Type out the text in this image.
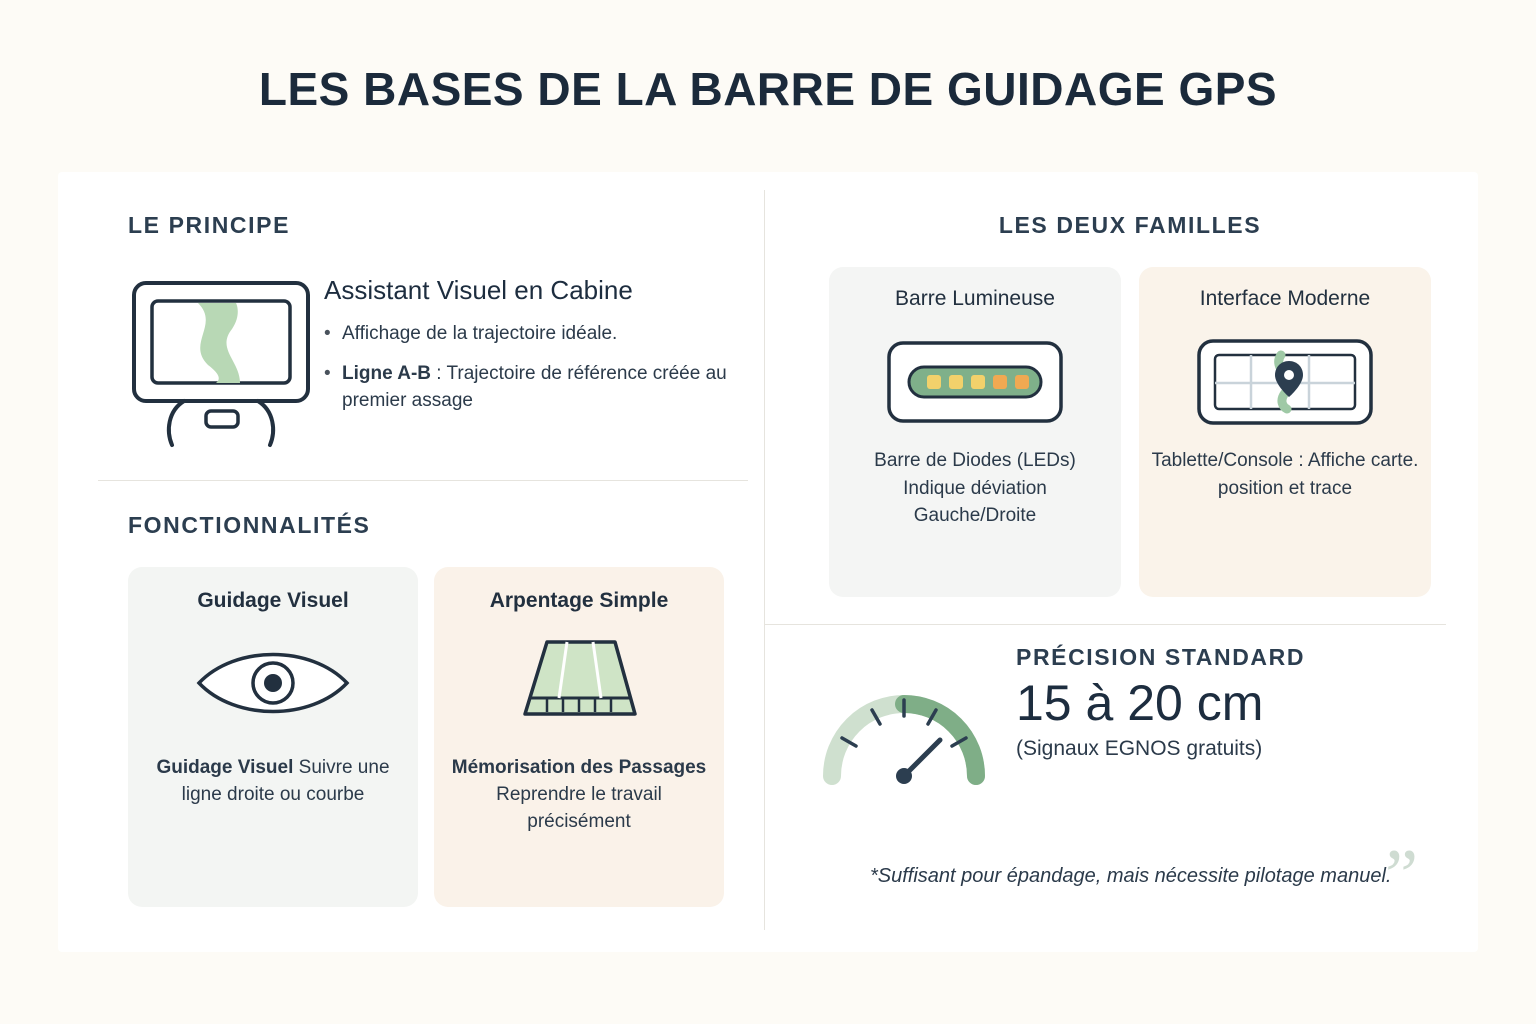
LES BASES DE LA BARRE DE GUIDAGE GPS
LE PRINCIPE
Assistant Visuel en Cabine
• Affichage de la trajectoire idéale.
• Ligne A-B : Trajectoire de référence créée au premier assage
FONCTIONNALITÉS
Guidage Visuel
Guidage Visuel Suivre une ligne droite ou courbe
Arpentage Simple
Mémorisation des Passages Reprendre le travail précisément
LES DEUX FAMILLES
Barre Lumineuse
Barre de Diodes (LEDs) Indique déviation Gauche/Droite
Interface Moderne
Tablette/Console : Affiche carte. position et trace
PRÉCISION STANDARD
15 à 20 cm
(Signaux EGNOS gratuits)
*Suffisant pour épandage, mais nécessite pilotage manuel.
”
